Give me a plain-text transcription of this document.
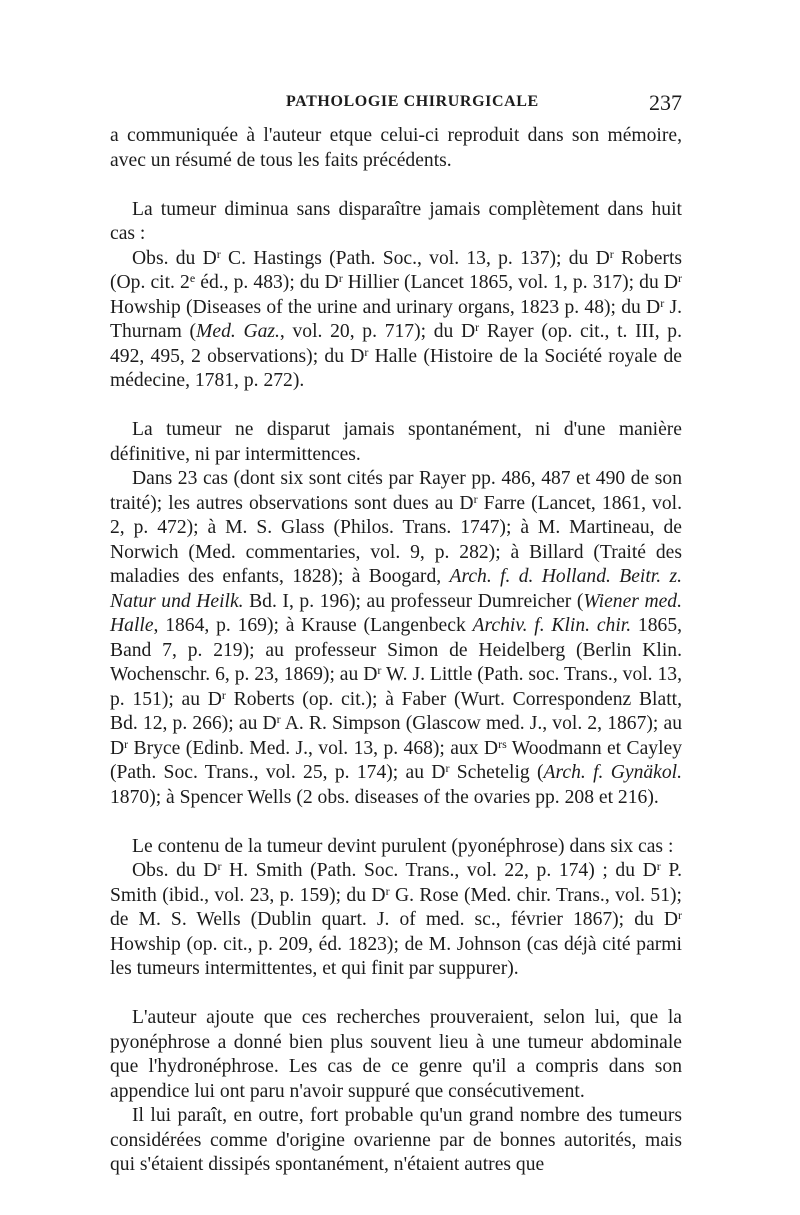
PATHOLOGIE CHIRURGICALE	237

a communiquée à l'auteur etque celui-ci reproduit dans son mémoire, avec un résumé de tous les faits précédents.

La tumeur diminua sans disparaître jamais complètement dans huit cas :

Obs. du $D^r$ C. Hastings (Path. Soc., vol. 13, p. 137); du $D^r$ Roberts (Op. cit. 2e éd., p. 483); du $D^r$ Hillier (Lancet 1865, vol. 1, p. 317); du $D^r$ Howship (Diseases of the urine and urinary organs, 1823 p. 48); du $D^r$ J. Thurnam (Med. Gaz., vol. 20, p. 717); du $D^r$ Rayer (op. cit., t. III, p. 492, 495, 2 observations); du $D^r$ Halle (Histoire de la Société royale de médecine, 1781, p. 272).

La tumeur ne disparut jamais spontanément, ni d'une manière définitive, ni par intermittences.

Dans 23 cas (dont six sont cités par Rayer pp. 486, 487 et 490 de son traité); les autres observations sont dues au $D^r$ Farre (Lancet, 1861, vol. 2, p. 472); à M. S. Glass (Philos. Trans. 1747); à M. Martineau, de Norwich (Med. commentaries, vol. 9, p. 282); à Billard (Traité des maladies des enfants, 1828); à Boogard, Arch. f. d. Holland. Beitr. z. Natur und Heilk. Bd. I, p. 196); au professeur Dumreicher (Wiener med. Halle, 1864, p. 169); à Krause (Langenbeck Archiv. f. Klin. chir. 1865, Band 7, p. 219); au professeur Simon de Heidelberg (Berlin Klin. Wochenschr. 6, p. 23, 1869); au $D^r$ W. J. Little (Path. soc. Trans., vol. 13, p. 151); au $D^r$ Roberts (op. cit.); à Faber (Wurt. Correspondenz Blatt, Bd. 12, p. 266); au $D^r$ A. R. Simpson (Glascow med. J., vol. 2, 1867); au $D^r$ Bryce (Edinb. Med. J., vol. 13, p. 468); aux $D^{rs}$ Woodmann et Cayley (Path. Soc. Trans., vol. 25, p. 174); au $D^r$ Schetelig (Arch. f. Gynäkol. 1870); à Spencer Wells (2 obs. diseases of the ovaries pp. 208 et 216).

Le contenu de la tumeur devint purulent (pyonéphrose) dans six cas :

Obs. du $D^r$ H. Smith (Path. Soc. Trans., vol. 22, p. 174) ; du $D^r$ P. Smith (ibid., vol. 23, p. 159); du $D^r$ G. Rose (Med. chir. Trans., vol. 51); de M. S. Wells (Dublin quart. J. of med. sc., février 1867); du $D^r$ Howship (op. cit., p. 209, éd. 1823); de M. Johnson (cas déjà cité parmi les tumeurs intermittentes, et qui finit par suppurer).

L'auteur ajoute que ces recherches prouveraient, selon lui, que la pyonéphrose a donné bien plus souvent lieu à une tumeur abdominale que l'hydronéphrose. Les cas de ce genre qu'il a compris dans son appendice lui ont paru n'avoir suppuré que consécutivement.

Il lui paraît, en outre, fort probable qu'un grand nombre des tumeurs considérées comme d'origine ovarienne par de bonnes autorités, mais qui s'étaient dissipés spontanément, n'étaient autres que
